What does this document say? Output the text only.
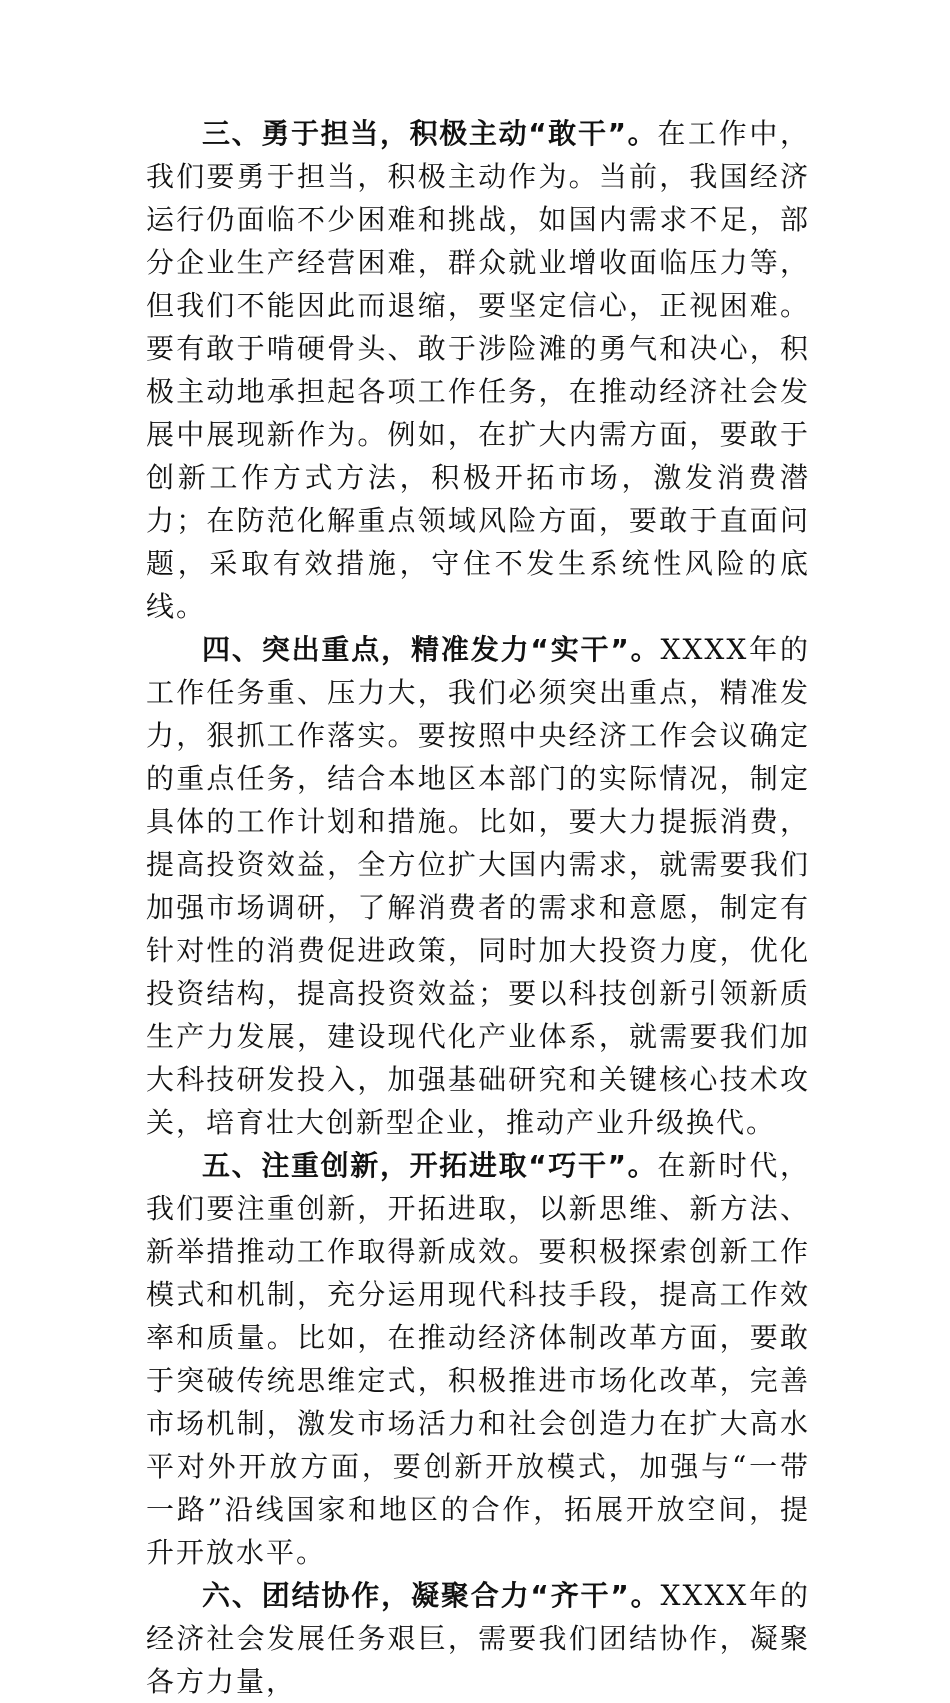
三、勇于担当，积极主动“敢干”。在工作中，我们要勇于担当，积极主动作为。当前，我国经济运行仍面临不少困难和挑战，如国内需求不足，部分企业生产经营困难，群众就业增收面临压力等，但我们不能因此而退缩，要坚定信心，正视困难。要有敢于啃硬骨头、敢于涉险滩的勇气和决心，积极主动地承担起各项工作任务，在推动经济社会发展中展现新作为。例如，在扩大内需方面，要敢于创新工作方式方法，积极开拓市场，激发消费潜力；在防范化解重点领域风险方面，要敢于直面问题，采取有效措施，守住不发生系统性风险的底线。

四、突出重点，精准发力“实干”。XXXX年的工作任务重、压力大，我们必须突出重点，精准发力，狠抓工作落实。要按照中央经济工作会议确定的重点任务，结合本地区本部门的实际情况，制定具体的工作计划和措施。比如，要大力提振消费，提高投资效益，全方位扩大国内需求，就需要我们加强市场调研，了解消费者的需求和意愿，制定有针对性的消费促进政策，同时加大投资力度，优化投资结构，提高投资效益；要以科技创新引领新质生产力发展，建设现代化产业体系，就需要我们加大科技研发投入，加强基础研究和关键核心技术攻关，培育壮大创新型企业，推动产业升级换代。

五、注重创新，开拓进取“巧干”。在新时代，我们要注重创新，开拓进取，以新思维、新方法、新举措推动工作取得新成效。要积极探索创新工作模式和机制，充分运用现代科技手段，提高工作效率和质量。比如，在推动经济体制改革方面，要敢于突破传统思维定式，积极推进市场化改革，完善市场机制，激发市场活力和社会创造力在扩大高水平对外开放方面，要创新开放模式，加强与“一带一路”沿线国家和地区的合作，拓展开放空间，提升开放水平。

六、团结协作，凝聚合力“齐干”。XXXX年的经济社会发展任务艰巨，需要我们团结协作，凝聚各方力量，
